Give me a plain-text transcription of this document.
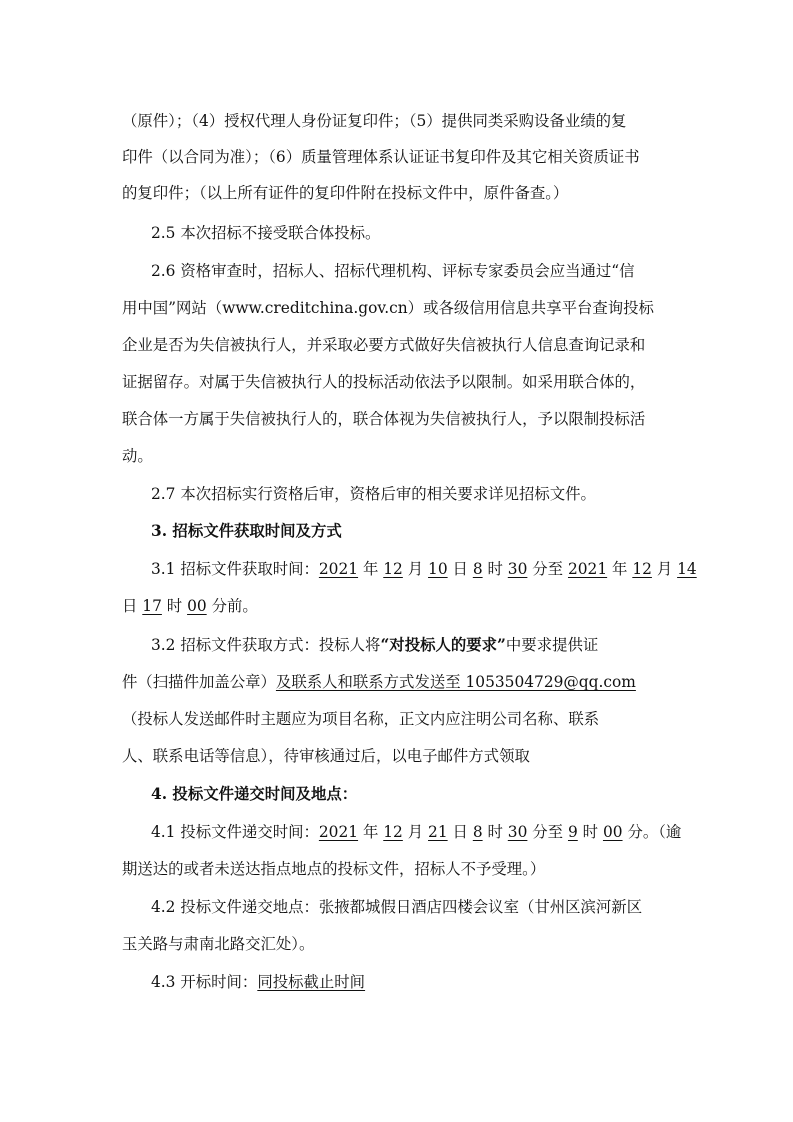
（原件）；（4）授权代理人身份证复印件；（5）提供同类采购设备业绩的复
印件（以合同为准）；（6）质量管理体系认证证书复印件及其它相关资质证书
的复印件；（以上所有证件的复印件附在投标文件中，原件备查。）
2.5 本次招标不接受联合体投标。
2.6 资格审查时，招标人、招标代理机构、评标专家委员会应当通过“信
用中国”网站（www.creditchina.gov.cn）或各级信用信息共享平台查询投标
企业是否为失信被执行人，并采取必要方式做好失信被执行人信息查询记录和
证据留存。对属于失信被执行人的投标活动依法予以限制。如采用联合体的，
联合体一方属于失信被执行人的，联合体视为失信被执行人，予以限制投标活
动。
2.7 本次招标实行资格后审，资格后审的相关要求详见招标文件。
3. 招标文件获取时间及方式
3.1 招标文件获取时间：2021 年 12 月 10 日 8 时 30 分至 2021 年 12 月 14
日 17 时 00 分前。
3.2 招标文件获取方式：投标人将“对投标人的要求”中要求提供证
件（扫描件加盖公章）及联系人和联系方式发送至 1053504729@qq.com
（投标人发送邮件时主题应为项目名称，正文内应注明公司名称、联系
人、联系电话等信息），待审核通过后，以电子邮件方式领取
4. 投标文件递交时间及地点：
4.1 投标文件递交时间：2021 年 12 月 21 日 8 时 30 分至 9 时 00 分。（逾
期送达的或者未送达指点地点的投标文件，招标人不予受理。）
4.2 投标文件递交地点：张掖都城假日酒店四楼会议室（甘州区滨河新区
玉关路与肃南北路交汇处）。
4.3 开标时间：同投标截止时间
